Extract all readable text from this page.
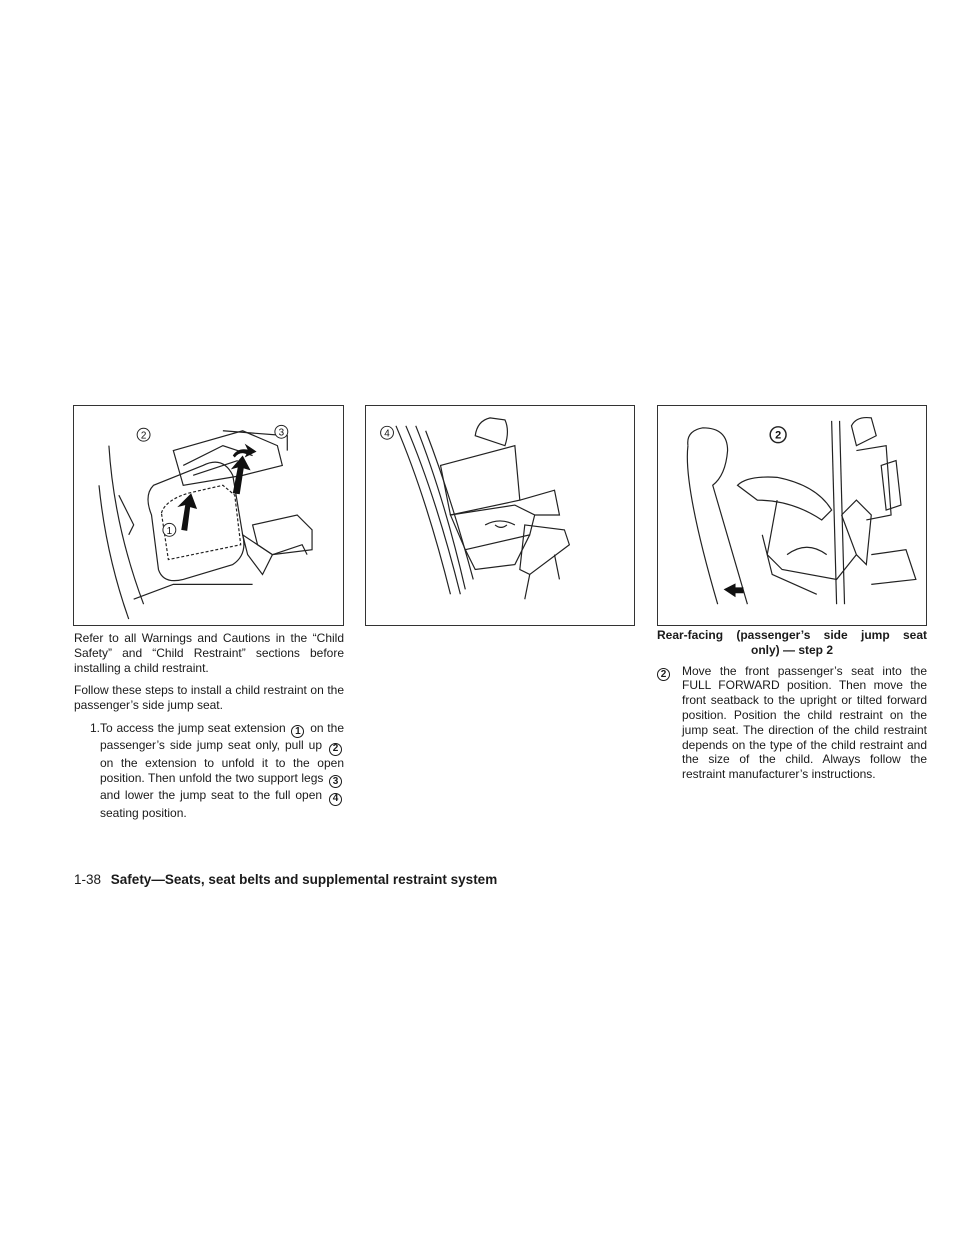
1
2	3	4	2

Refer to all Warnings and Cautions in the “Child Safety” and “Child Restraint” sections before installing a child restraint.

Follow these steps to install a child restraint on the passenger’s side jump seat.

1. To access the jump seat extension 1 on the passenger’s side jump seat only, pull up 2 on the extension to unfold it to the open position. Then unfold the two support legs 3 and lower the jump seat to the full open 4 seating position.
Rear-facing (passenger’s side jump seat
only) — step 2
2	Move the front passenger’s seat into the FULL FORWARD position. Then move the front seatback to the upright or tilted forward position. Position the child restraint on the jump seat. The direction of the child restraint depends on the type of the child restraint and the size of the child. Always follow the restraint manufacturer’s instructions.
1-38 Safety—Seats, seat belts and supplemental restraint system
